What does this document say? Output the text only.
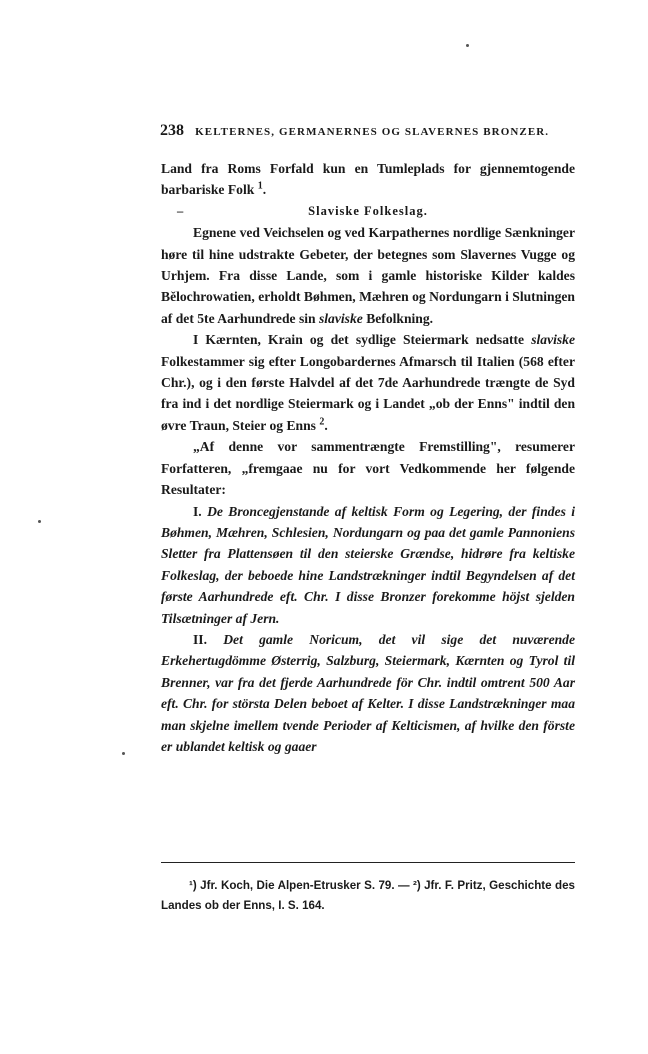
238 KELTERNES, GERMANERNES OG SLAVERNES BRONZER.

Land fra Roms Forfald kun en Tumleplads for gjennemtogende barbariske Folk $^1$.

–	Slaviske Folkeslag.

Egnene ved Veichselen og ved Karpathernes nordlige Sænkninger høre til hine udstrakte Gebeter, der betegnes som Slavernes Vugge og Urhjem. Fra disse Lande, som i gamle historiske Kilder kaldes Bělochrowatien, erholdt Bøhmen, Mæhren og Nordungarn i Slutningen af det 5te Aarhundrede sin slaviske Befolkning.

I Kærnten, Krain og det sydlige Steiermark nedsatte slaviske Folkestammer sig efter Longobardernes Afmarsch til Italien (568 efter Chr.), og i den første Halvdel af det 7de Aarhundrede trængte de Syd fra ind i det nordlige Steiermark og i Landet „ob der Enns" indtil den øvre Traun, Steier og Enns $^2$.

„Af denne vor sammentrængte Fremstilling", resumerer Forfatteren, „fremgaae nu for vort Vedkommende her følgende Resultater:

I. De Broncegjenstande af keltisk Form og Legering, der findes i Bøhmen, Mæhren, Schlesien, Nordungarn og paa det gamle Pannoniens Sletter fra Plattensøen til den steierske Grændse, hidrøre fra keltiske Folkeslag, der beboede hine Landstrækninger indtil Begyndelsen af det første Aarhundrede eft. Chr. I disse Bronzer forekomme höjst sjelden Tilsætninger af Jern.

II. Det gamle Noricum, det vil sige det nuværende Erkehertugdömme Østerrig, Salzburg, Steiermark, Kærnten og Tyrol til Brenner, var fra det fjerde Aarhundrede för Chr. indtil omtrent 500 Aar eft. Chr. for största Delen beboet af Kelter. I disse Landstrækninger maa man skjelne imellem tvende Perioder af Kelticismen, af hvilke den förste er ublandet keltisk og gaaer

¹) Jfr. Koch, Die Alpen-Etrusker S. 79. — ²) Jfr. F. Pritz, Geschichte des Landes ob der Enns, I. S. 164.
